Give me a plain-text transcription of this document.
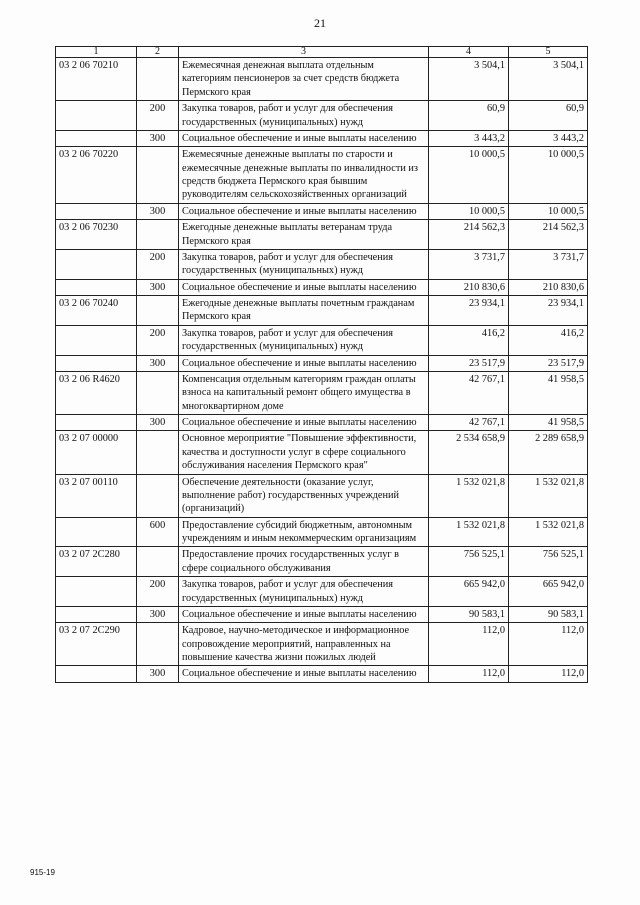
21
1	2	3	4	5
03 2 06 70210		Ежемесячная денежная выплата отдельным категориям пенсионеров за счет средств бюджета Пермского края	3 504,1	3 504,1
	200	Закупка товаров, работ и услуг для обеспечения государственных (муниципальных) нужд	60,9	60,9
	300	Социальное обеспечение и иные выплаты населению	3 443,2	3 443,2
03 2 06 70220		Ежемесячные денежные выплаты по старости и ежемесячные денежные выплаты по инвалидности из средств бюджета Пермского края бывшим руководителям сельскохозяйственных организаций	10 000,5	10 000,5
	300	Социальное обеспечение и иные выплаты населению	10 000,5	10 000,5
03 2 06 70230		Ежегодные денежные выплаты ветеранам труда Пермского края	214 562,3	214 562,3
	200	Закупка товаров, работ и услуг для обеспечения государственных (муниципальных) нужд	3 731,7	3 731,7
	300	Социальное обеспечение и иные выплаты населению	210 830,6	210 830,6
03 2 06 70240		Ежегодные денежные выплаты почетным гражданам Пермского края	23 934,1	23 934,1
	200	Закупка товаров, работ и услуг для обеспечения государственных (муниципальных) нужд	416,2	416,2
	300	Социальное обеспечение и иные выплаты населению	23 517,9	23 517,9
03 2 06 R4620		Компенсация отдельным категориям граждан оплаты взноса на капитальный ремонт общего имущества в многоквартирном доме	42 767,1	41 958,5
	300	Социальное обеспечение и иные выплаты населению	42 767,1	41 958,5
03 2 07 00000		Основное мероприятие "Повышение эффективности, качества и доступности услуг в сфере социального обслуживания населения Пермского края"	2 534 658,9	2 289 658,9
03 2 07 00110		Обеспечение деятельности (оказание услуг, выполнение работ) государственных учреждений (организаций)	1 532 021,8	1 532 021,8
	600	Предоставление субсидий бюджетным, автономным учреждениям и иным некоммерческим организациям	1 532 021,8	1 532 021,8
03 2 07 2С280		Предоставление прочих государственных услуг в сфере социального обслуживания	756 525,1	756 525,1
	200	Закупка товаров, работ и услуг для обеспечения государственных (муниципальных) нужд	665 942,0	665 942,0
	300	Социальное обеспечение и иные выплаты населению	90 583,1	90 583,1
03 2 07 2С290		Кадровое, научно-методическое и информационное сопровождение мероприятий, направленных на повышение качества жизни пожилых людей	112,0	112,0
	300	Социальное обеспечение и иные выплаты населению	112,0	112,0
915-19
